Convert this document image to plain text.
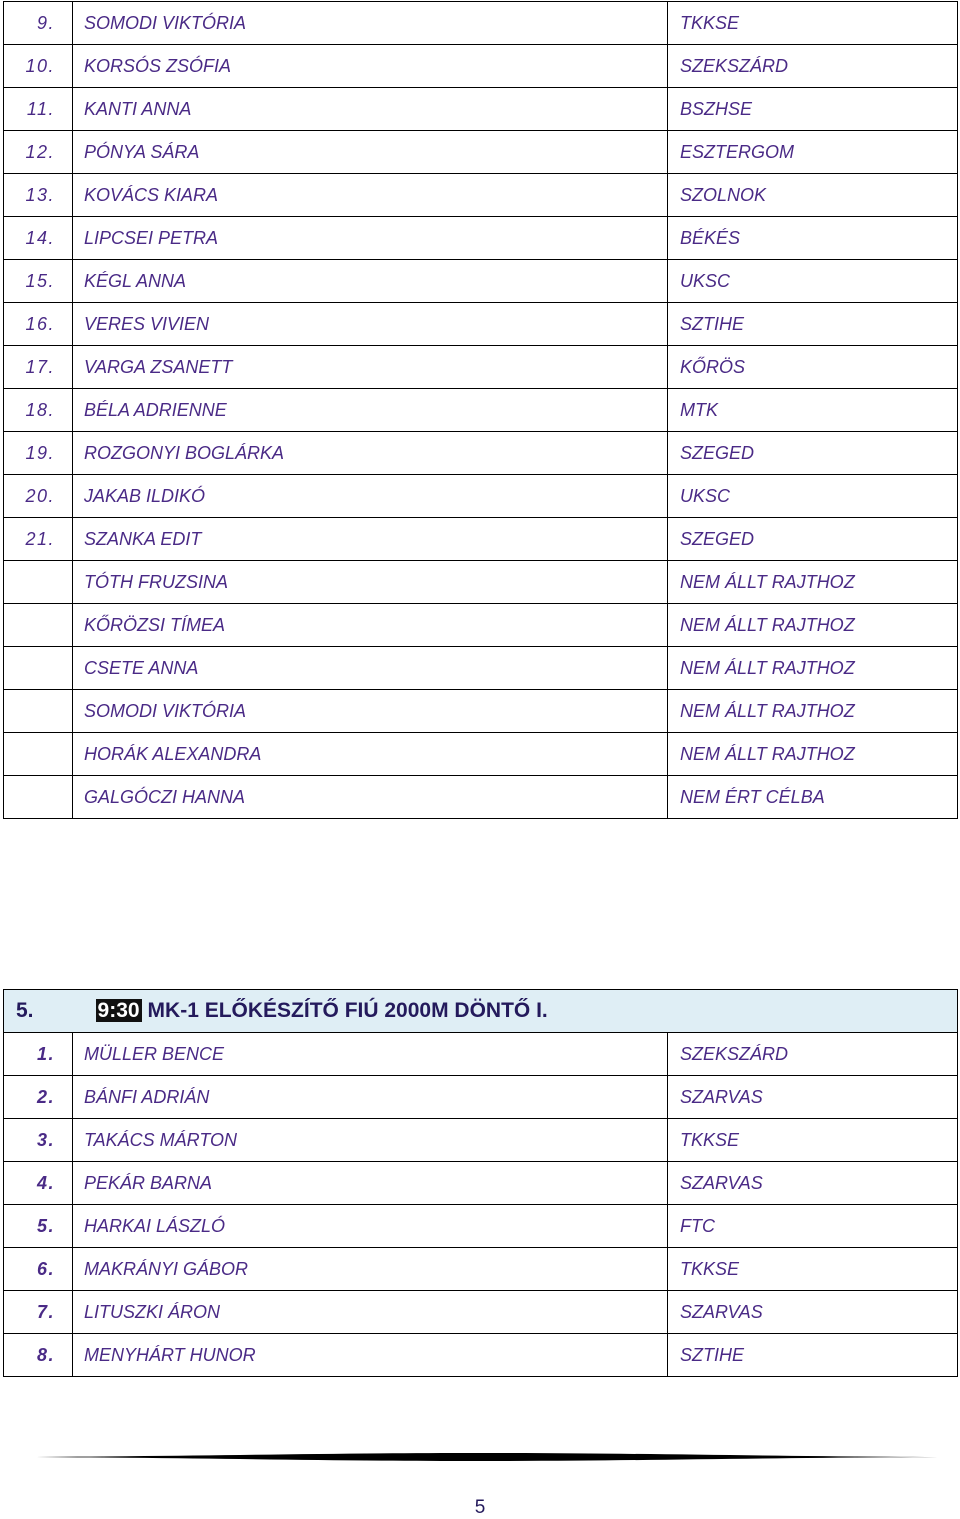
9.	SOMODI VIKTÓRIA	TKKSE
10.	KORSÓS ZSÓFIA	SZEKSZÁRD
11.	KANTI ANNA	BSZHSE
12.	PÓNYA SÁRA	ESZTERGOM
13.	KOVÁCS KIARA	SZOLNOK
14.	LIPCSEI PETRA	BÉKÉS
15.	KÉGL ANNA	UKSC
16.	VERES VIVIEN	SZTIHE
17.	VARGA ZSANETT	KŐRÖS
18.	BÉLA ADRIENNE	MTK
19.	ROZGONYI BOGLÁRKA	SZEGED
20.	JAKAB ILDIKÓ	UKSC
21.	SZANKA EDIT	SZEGED
	TÓTH FRUZSINA	NEM ÁLLT RAJTHOZ
	KŐRÖZSI TÍMEA	NEM ÁLLT RAJTHOZ
	CSETE ANNA	NEM ÁLLT RAJTHOZ
	SOMODI VIKTÓRIA	NEM ÁLLT RAJTHOZ
	HORÁK ALEXANDRA	NEM ÁLLT RAJTHOZ
	GALGÓCZI HANNA	NEM ÉRT CÉLBA
5. 9:30 MK-1 ELŐKÉSZÍTŐ FIÚ 2000M DÖNTŐ I.		
1.	MÜLLER BENCE	SZEKSZÁRD
2.	BÁNFI ADRIÁN	SZARVAS
3.	TAKÁCS MÁRTON	TKKSE
4.	PEKÁR BARNA	SZARVAS
5.	HARKAI LÁSZLÓ	FTC
6.	MAKRÁNYI GÁBOR	TKKSE
7.	LITUSZKI ÁRON	SZARVAS
8.	MENYHÁRT HUNOR	SZTIHE
5
